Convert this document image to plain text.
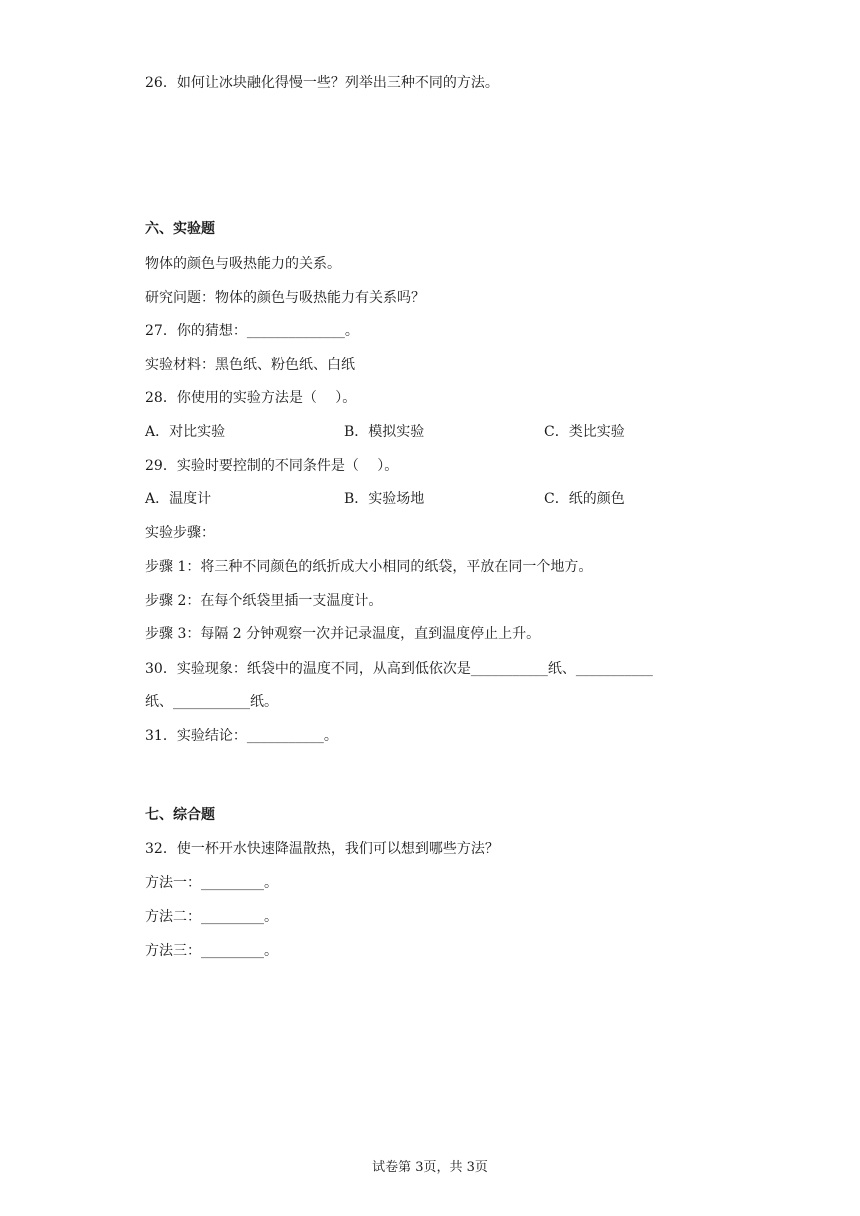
26．如何让冰块融化得慢一些？列举出三种不同的方法。
六、实验题
物体的颜色与吸热能力的关系。
研究问题：物体的颜色与吸热能力有关系吗？
27．你的猜想：______________。
实验材料：黑色纸、粉色纸、白纸
28．你使用的实验方法是（　 ）。
A．对比实验	B．模拟实验	C．类比实验
29．实验时要控制的不同条件是（　 ）。
A．温度计	B．实验场地	C．纸的颜色
实验步骤：
步骤 1：将三种不同颜色的纸折成大小相同的纸袋，平放在同一个地方。
步骤 2：在每个纸袋里插一支温度计。
步骤 3：每隔 2 分钟观察一次并记录温度，直到温度停止上升。
30．实验现象：纸袋中的温度不同，从高到低依次是___________纸、___________
纸、___________纸。
31．实验结论：___________。
七、综合题
32．使一杯开水快速降温散热，我们可以想到哪些方法？
方法一：_________。
方法二：_________。
方法三：_________。
试卷第 3页，共 3页
